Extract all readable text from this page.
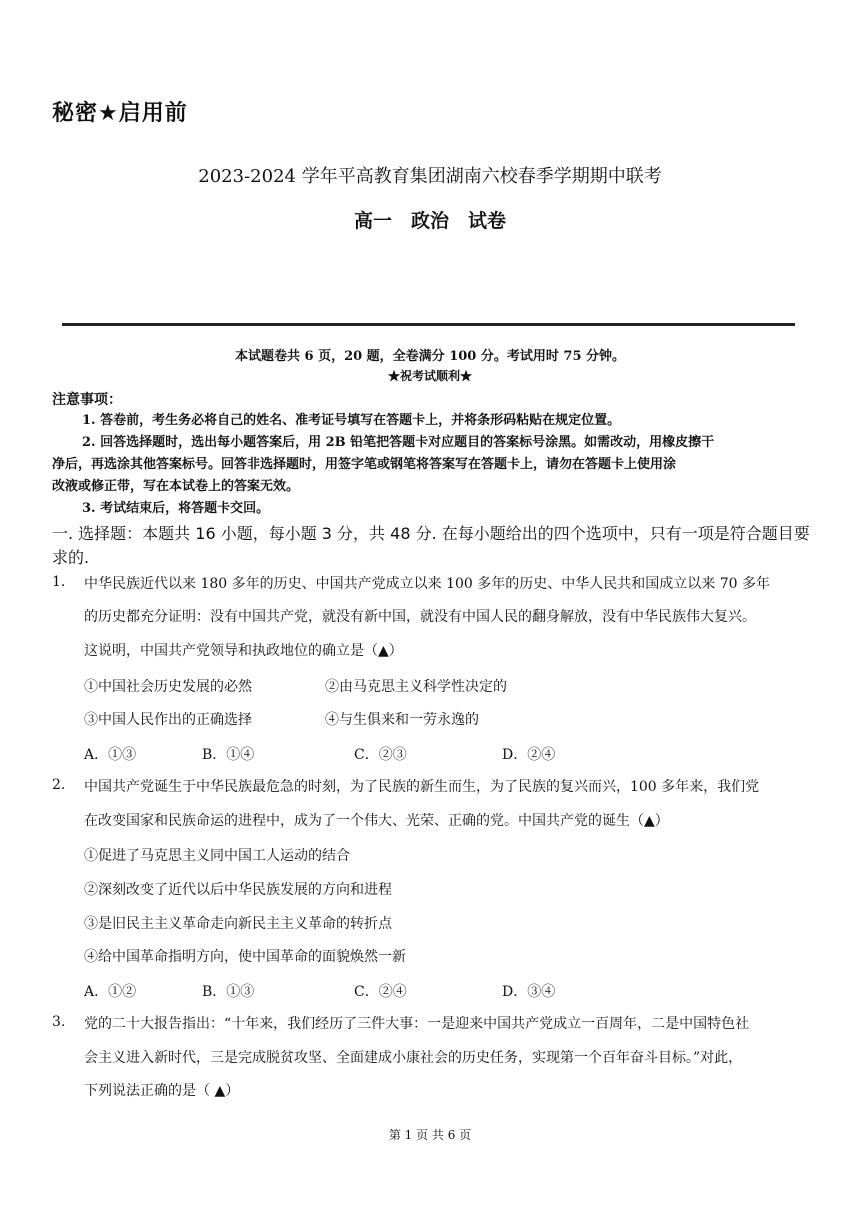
秘密★启用前
2023-2024 学年平高教育集团湖南六校春季学期期中联考
高一　政治　试卷
本试题卷共 6 页，20 题，全卷满分 100 分。考试用时 75 分钟。
★祝考试顺利★
注意事项：
1. 答卷前，考生务必将自己的姓名、准考证号填写在答题卡上，并将条形码粘贴在规定位置。
2. 回答选择题时，选出每小题答案后，用 2B 铅笔把答题卡对应题目的答案标号涂黑。如需改动，用橡皮擦干
净后，再选涂其他答案标号。回答非选择题时，用签字笔或钢笔将答案写在答题卡上，请勿在答题卡上使用涂
改液或修正带，写在本试卷上的答案无效。
3. 考试结束后，将答题卡交回。
一. 选择题：本题共 16 小题，每小题 3 分，共 48 分. 在每小题给出的四个选项中，只有一项是符合题目要求的.
1. 中华民族近代以来 180 多年的历史、中国共产党成立以来 100 多年的历史、中华人民共和国成立以来 70 多年
的历史都充分证明：没有中国共产党，就没有新中国，就没有中国人民的翻身解放，没有中华民族伟大复兴。
这说明，中国共产党领导和执政地位的确立是（▲）
①中国社会历史发展的必然	②由马克思主义科学性决定的
③中国人民作出的正确选择	④与生俱来和一劳永逸的
A．①③	B．①④	C．②③	D．②④
2. 中国共产党诞生于中华民族最危急的时刻，为了民族的新生而生，为了民族的复兴而兴，100 多年来，我们党
在改变国家和民族命运的进程中，成为了一个伟大、光荣、正确的党。中国共产党的诞生（▲）
①促进了马克思主义同中国工人运动的结合
②深刻改变了近代以后中华民族发展的方向和进程
③是旧民主主义革命走向新民主主义革命的转折点
④给中国革命指明方向，使中国革命的面貌焕然一新
A．①②	B．①③	C．②④	D．③④
3. 党的二十大报告指出：“十年来，我们经历了三件大事：一是迎来中国共产党成立一百周年，二是中国特色社
会主义进入新时代，三是完成脱贫攻坚、全面建成小康社会的历史任务，实现第一个百年奋斗目标。”对此，
下列说法正确的是（ ▲）
第 1 页 共 6 页
